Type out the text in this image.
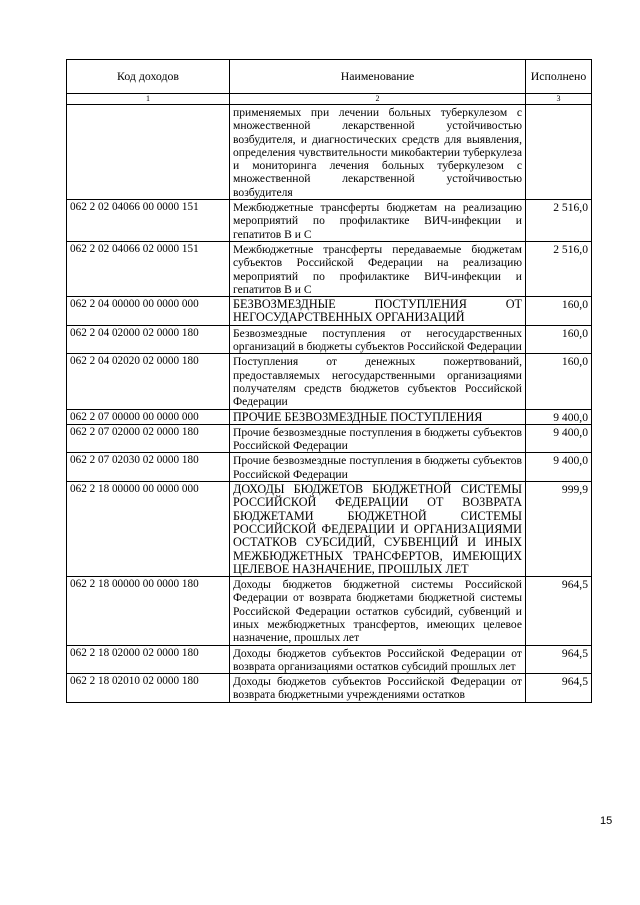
Код доходов	Наименование	Исполнено
1	2	3
	применяемых при лечении больных туберкулезом с множественной лекарственной устойчивостью возбудителя, и диагностических средств для выявления, определения чувствительности микобактерии туберкулеза и мониторинга лечения больных туберкулезом с множественной лекарственной устойчивостью возбудителя	
062 2 02 04066 00 0000 151	Межбюджетные трансферты бюджетам на реализацию мероприятий по профилактике ВИЧ-инфекции и гепатитов В и С	2 516,0
062 2 02 04066 02 0000 151	Межбюджетные трансферты передаваемые бюджетам субъектов Российской Федерации на реализацию мероприятий по профилактике ВИЧ-инфекции и гепатитов В и С	2 516,0
062 2 04 00000 00 0000 000	БЕЗВОЗМЕЗДНЫЕ ПОСТУПЛЕНИЯ ОТ НЕГОСУДАРСТВЕННЫХ ОРГАНИЗАЦИЙ	160,0
062 2 04 02000 02 0000 180	Безвозмездные поступления от негосударственных организаций в бюджеты субъектов Российской Федерации	160,0
062 2 04 02020 02 0000 180	Поступления от денежных пожертвований, предоставляемых негосударственными организациями получателям средств бюджетов субъектов Российской Федерации	160,0
062 2 07 00000 00 0000 000	ПРОЧИЕ БЕЗВОЗМЕЗДНЫЕ ПОСТУПЛЕНИЯ	9 400,0
062 2 07 02000 02 0000 180	Прочие безвозмездные поступления в бюджеты субъектов Российской Федерации	9 400,0
062 2 07 02030 02 0000 180	Прочие безвозмездные поступления в бюджеты субъектов Российской Федерации	9 400,0
062 2 18 00000 00 0000 000	ДОХОДЫ БЮДЖЕТОВ БЮДЖЕТНОЙ СИСТЕМЫ РОССИЙСКОЙ ФЕДЕРАЦИИ ОТ ВОЗВРАТА БЮДЖЕТАМИ БЮДЖЕТНОЙ СИСТЕМЫ РОССИЙСКОЙ ФЕДЕРАЦИИ И ОРГАНИЗАЦИЯМИ ОСТАТКОВ СУБСИДИЙ, СУБВЕНЦИЙ И ИНЫХ МЕЖБЮДЖЕТНЫХ ТРАНСФЕРТОВ, ИМЕЮЩИХ ЦЕЛЕВОЕ НАЗНАЧЕНИЕ, ПРОШЛЫХ ЛЕТ	999,9
062 2 18 00000 00 0000 180	Доходы бюджетов бюджетной системы Российской Федерации от возврата бюджетами бюджетной системы Российской Федерации остатков субсидий, субвенций и иных межбюджетных трансфертов, имеющих целевое назначение, прошлых лет	964,5
062 2 18 02000 02 0000 180	Доходы бюджетов субъектов Российской Федерации от возврата организациями остатков субсидий прошлых лет	964,5
062 2 18 02010 02 0000 180	Доходы бюджетов субъектов Российской Федерации от возврата бюджетными учреждениями остатков	964,5
15
